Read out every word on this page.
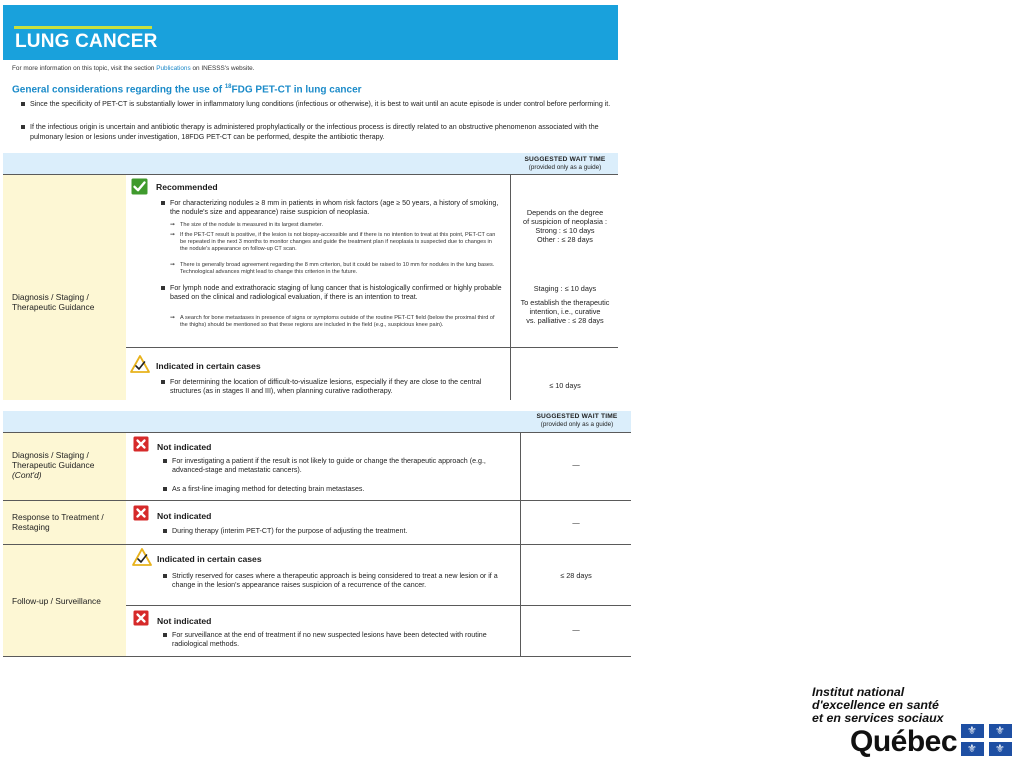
LUNG CANCER
For more information on this topic, visit the section Publications on INESSS's website.
General considerations regarding the use of $^{18}$FDG PET-CT in lung cancer
Since the specificity of PET-CT is substantially lower in inflammatory lung conditions (infectious or otherwise), it is best to wait until an acute episode is under control before performing it.
If the infectious origin is uncertain and antibiotic therapy is administered prophylactically or the infectious process is directly related to an obstructive phenomenon associated with the pulmonary lesion or lesions under investigation, 18FDG PET-CT can be performed, despite the antibiotic therapy.
SUGGESTED WAIT TIME
(provided only as a guide)
Diagnosis / Staging / Therapeutic Guidance
Recommended
For characterizing nodules ≥ 8 mm in patients in whom risk factors (age ≥ 50 years, a history of smoking, the nodule's size and appearance) raise suspicion of neoplasia.
➞ The size of the nodule is measured in its largest diameter.
➞ If the PET-CT result is positive, if the lesion is not biopsy-accessible and if there is no intention to treat at this point, PET-CT can be repeated in the next 3 months to monitor changes and guide the treatment plan if neoplasia is suspected due to changes in the nodule's appearance on follow-up CT scan.
➞ There is generally broad agreement regarding the 8 mm criterion, but it could be raised to 10 mm for nodules in the lung bases. Technological advances might lead to change this criterion in the future.
For lymph node and extrathoracic staging of lung cancer that is histologically confirmed or highly probable based on the clinical and radiological evaluation, if there is an intention to treat.
➞ A search for bone metastases in presence of signs or symptoms outside of the routine PET-CT field (below the proximal third of the thighs) should be mentioned so that these regions are included in the field (e.g., suspicious knee pain).
Depends on the degree
of suspicion of neoplasia :
Strong : ≤ 10 days
Other : ≤ 28 days
Staging : ≤ 10 days
To establish the therapeutic
intention, i.e., curative
vs. palliative : ≤ 28 days
Indicated in certain cases
For determining the location of difficult-to-visualize lesions, especially if they are close to the central structures (as in stages II and III), when planning curative radiotherapy.
≤ 10 days
SUGGESTED WAIT TIME
(provided only as a guide)
Diagnosis / Staging /
Therapeutic Guidance
(Cont'd)
Not indicated
For investigating a patient if the result is not likely to guide or change the therapeutic approach (e.g., advanced-stage and metastatic cancers).
As a first-line imaging method for detecting brain metastases.
—
Response to Treatment /
Restaging
Not indicated
During therapy (interim PET-CT) for the purpose of adjusting the treatment.
—
Follow-up / Surveillance
Indicated in certain cases
Strictly reserved for cases where a therapeutic approach is being considered to treat a new lesion or if a change in the lesion's appearance raises suspicion of a recurrence of the cancer.
≤ 28 days
Not indicated
For surveillance at the end of treatment if no new suspected lesions have been detected with routine radiological methods.
—
Institut national
d'excellence en santé
et en services sociaux
Québec ⚜ ⚜
⚜ ⚜
